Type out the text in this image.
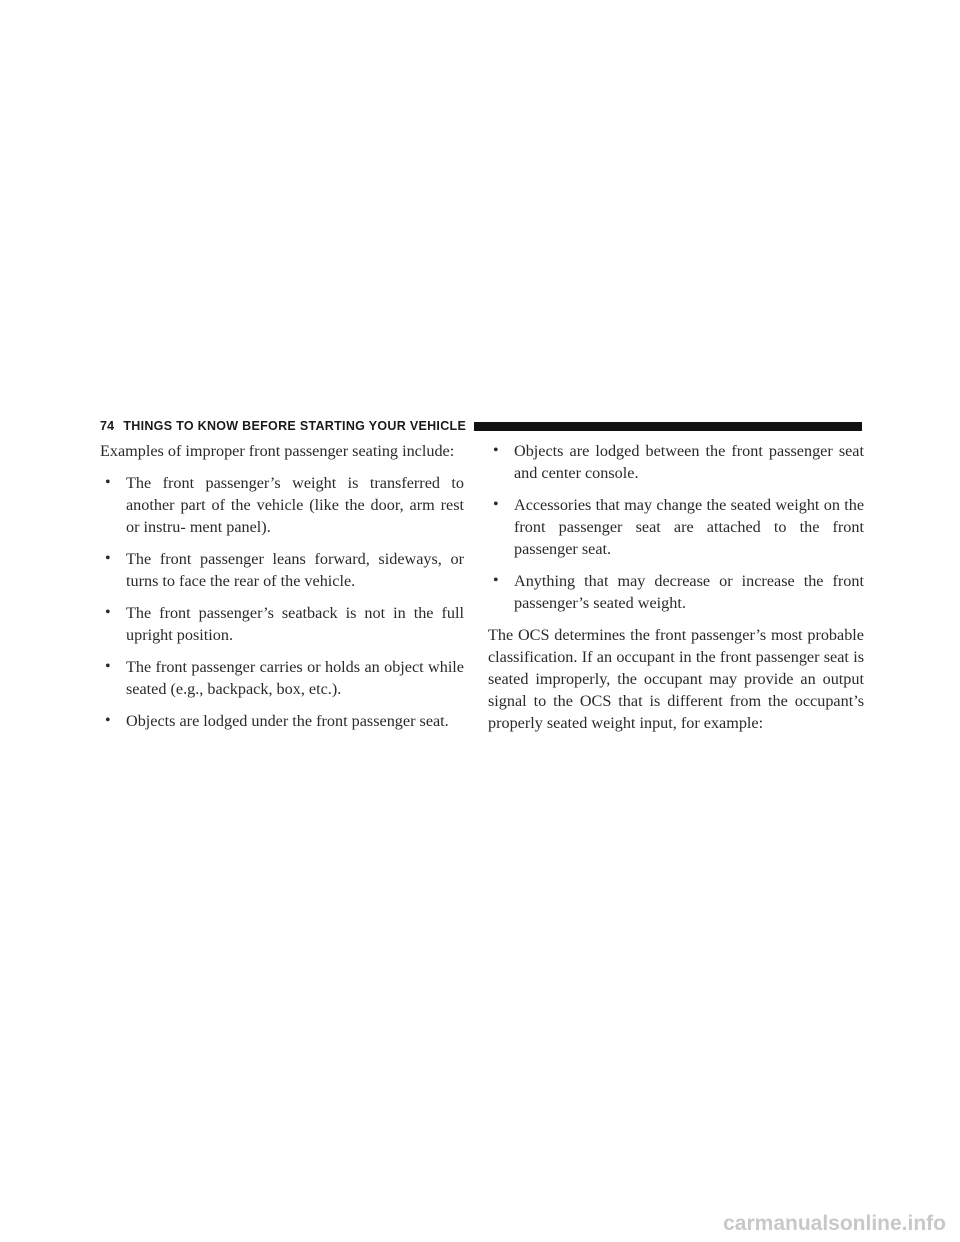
74 THINGS TO KNOW BEFORE STARTING YOUR VEHICLE

Examples of improper front passenger seating include:

• The front passenger’s weight is transferred to another part of the vehicle (like the door, arm rest or instru- ment panel).
• The front passenger leans forward, sideways, or turns to face the rear of the vehicle.
• The front passenger’s seatback is not in the full upright position.
• The front passenger carries or holds an object while seated (e.g., backpack, box, etc.).
• Objects are lodged under the front passenger seat.
• Objects are lodged between the front passenger seat and center console.
• Accessories that may change the seated weight on the front passenger seat are attached to the front passenger seat.
• Anything that may decrease or increase the front passenger’s seated weight.

The OCS determines the front passenger’s most probable classification. If an occupant in the front passenger seat is seated improperly, the occupant may provide an output signal to the OCS that is different from the occupant’s properly seated weight input, for example:

carmanualsonline.info
